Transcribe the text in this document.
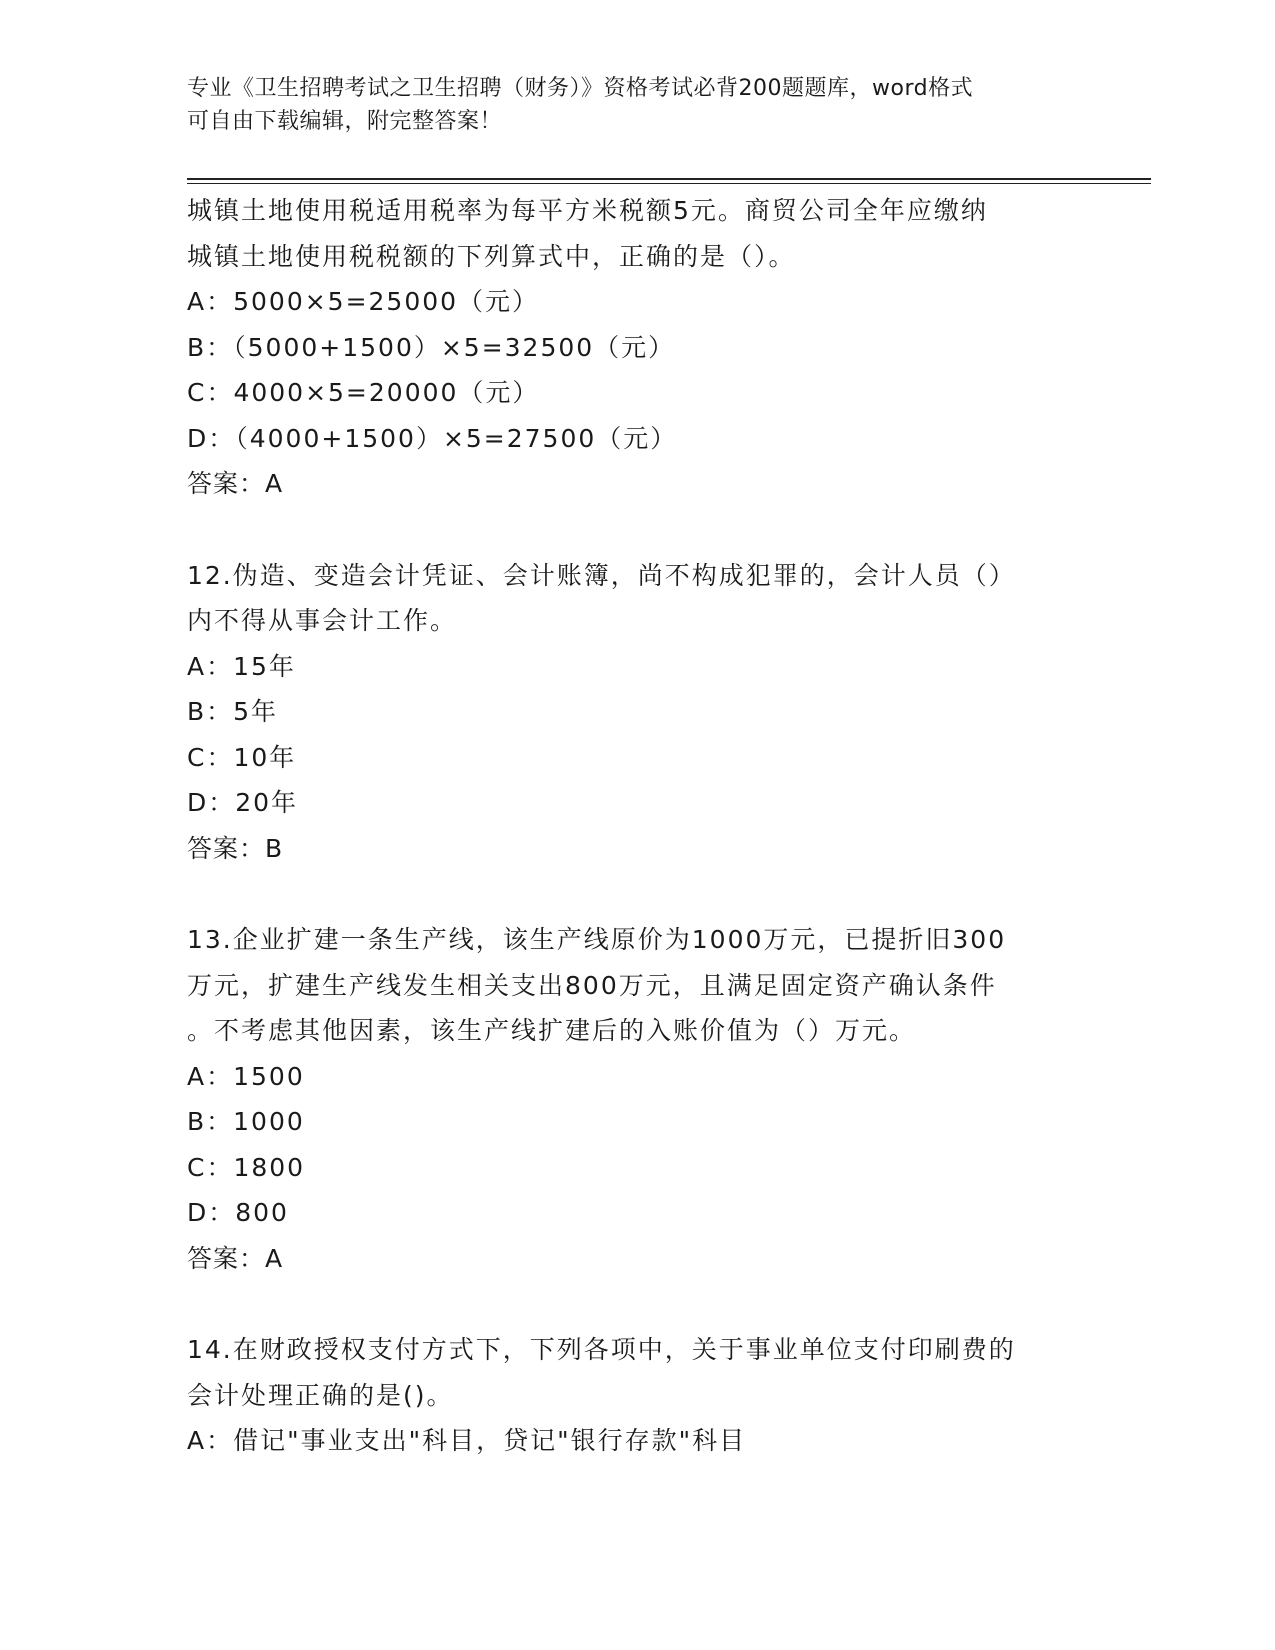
专业《卫生招聘考试之卫生招聘（财务）》资格考试必背200题题库，word格式
可自由下载编辑，附完整答案！
城镇土地使用税适用税率为每平方米税额5元。商贸公司全年应缴纳
城镇土地使用税税额的下列算式中，正确的是（）。
A：5000×5=25000（元）
B：（5000+1500）×5=32500（元）
C：4000×5=20000（元）
D：（4000+1500）×5=27500（元）
答案：A
12.伪造、变造会计凭证、会计账簿，尚不构成犯罪的，会计人员（）
内不得从事会计工作。
A：15年
B：5年
C：10年
D：20年
答案：B
13.企业扩建一条生产线，该生产线原价为1000万元，已提折旧300
万元，扩建生产线发生相关支出800万元，且满足固定资产确认条件
。不考虑其他因素，该生产线扩建后的入账价值为（）万元。
A：1500
B：1000
C：1800
D：800
答案：A
14.在财政授权支付方式下，下列各项中，关于事业单位支付印刷费的
会计处理正确的是()。
A：借记"事业支出"科目，贷记"银行存款"科目
